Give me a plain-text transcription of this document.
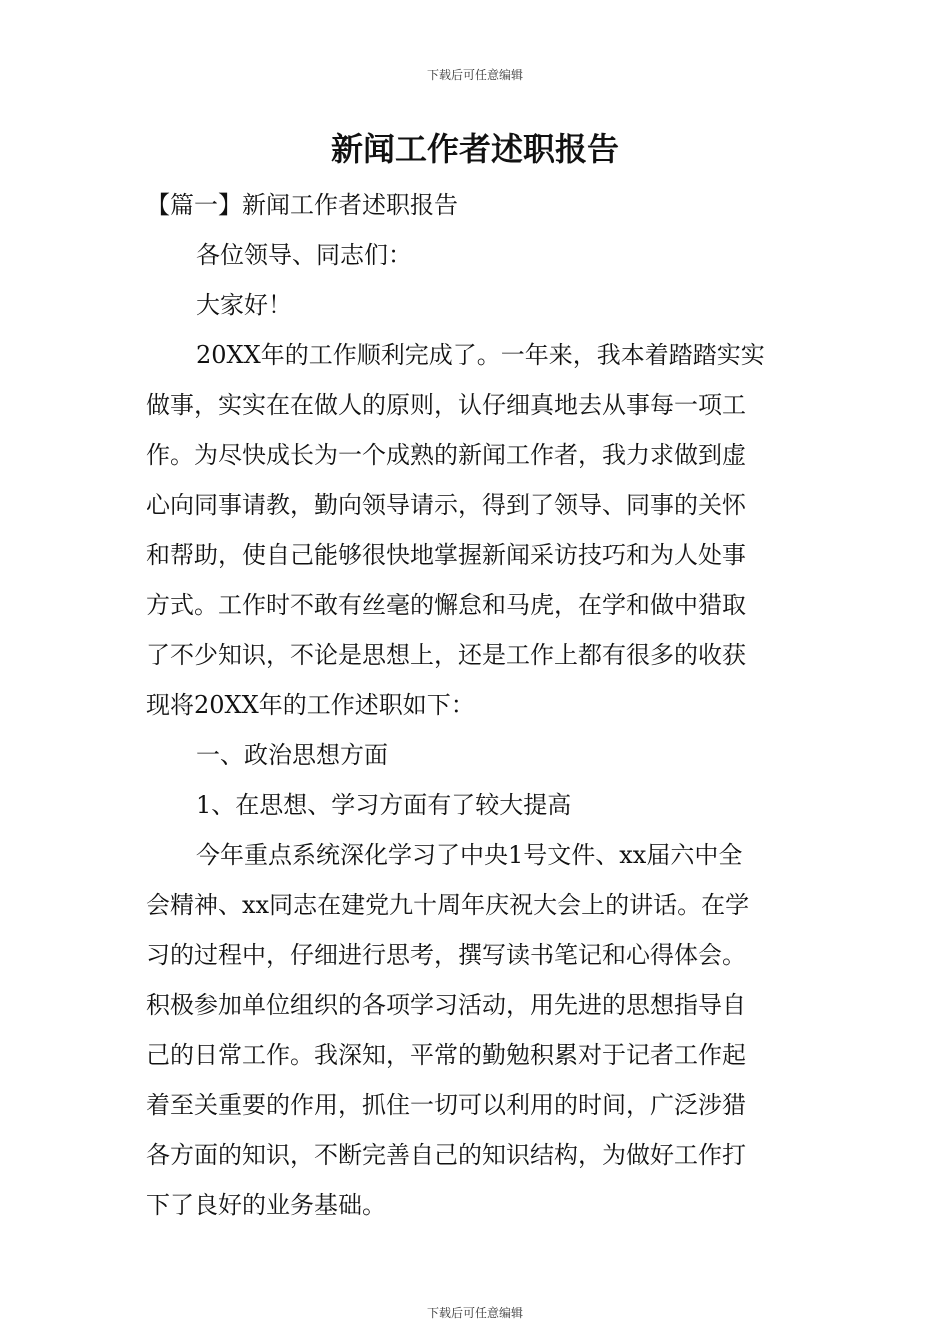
下载后可任意编辑
新闻工作者述职报告
【篇一】新闻工作者述职报告
各位领导、同志们：
大家好！
20XX年的工作顺利完成了。一年来，我本着踏踏实实
做事，实实在在做人的原则，认仔细真地去从事每一项工
作。为尽快成长为一个成熟的新闻工作者，我力求做到虚
心向同事请教，勤向领导请示，得到了领导、同事的关怀
和帮助，使自己能够很快地掌握新闻采访技巧和为人处事
方式。工作时不敢有丝毫的懈怠和马虎，在学和做中猎取
了不少知识，不论是思想上，还是工作上都有很多的收获
现将20XX年的工作述职如下：
一、政治思想方面
1、在思想、学习方面有了较大提高
今年重点系统深化学习了中央1号文件、xx届六中全
会精神、xx同志在建党九十周年庆祝大会上的讲话。在学
习的过程中，仔细进行思考，撰写读书笔记和心得体会。
积极参加单位组织的各项学习活动，用先进的思想指导自
己的日常工作。我深知，平常的勤勉积累对于记者工作起
着至关重要的作用，抓住一切可以利用的时间，广泛涉猎
各方面的知识，不断完善自己的知识结构，为做好工作打
下了良好的业务基础。
下载后可任意编辑
